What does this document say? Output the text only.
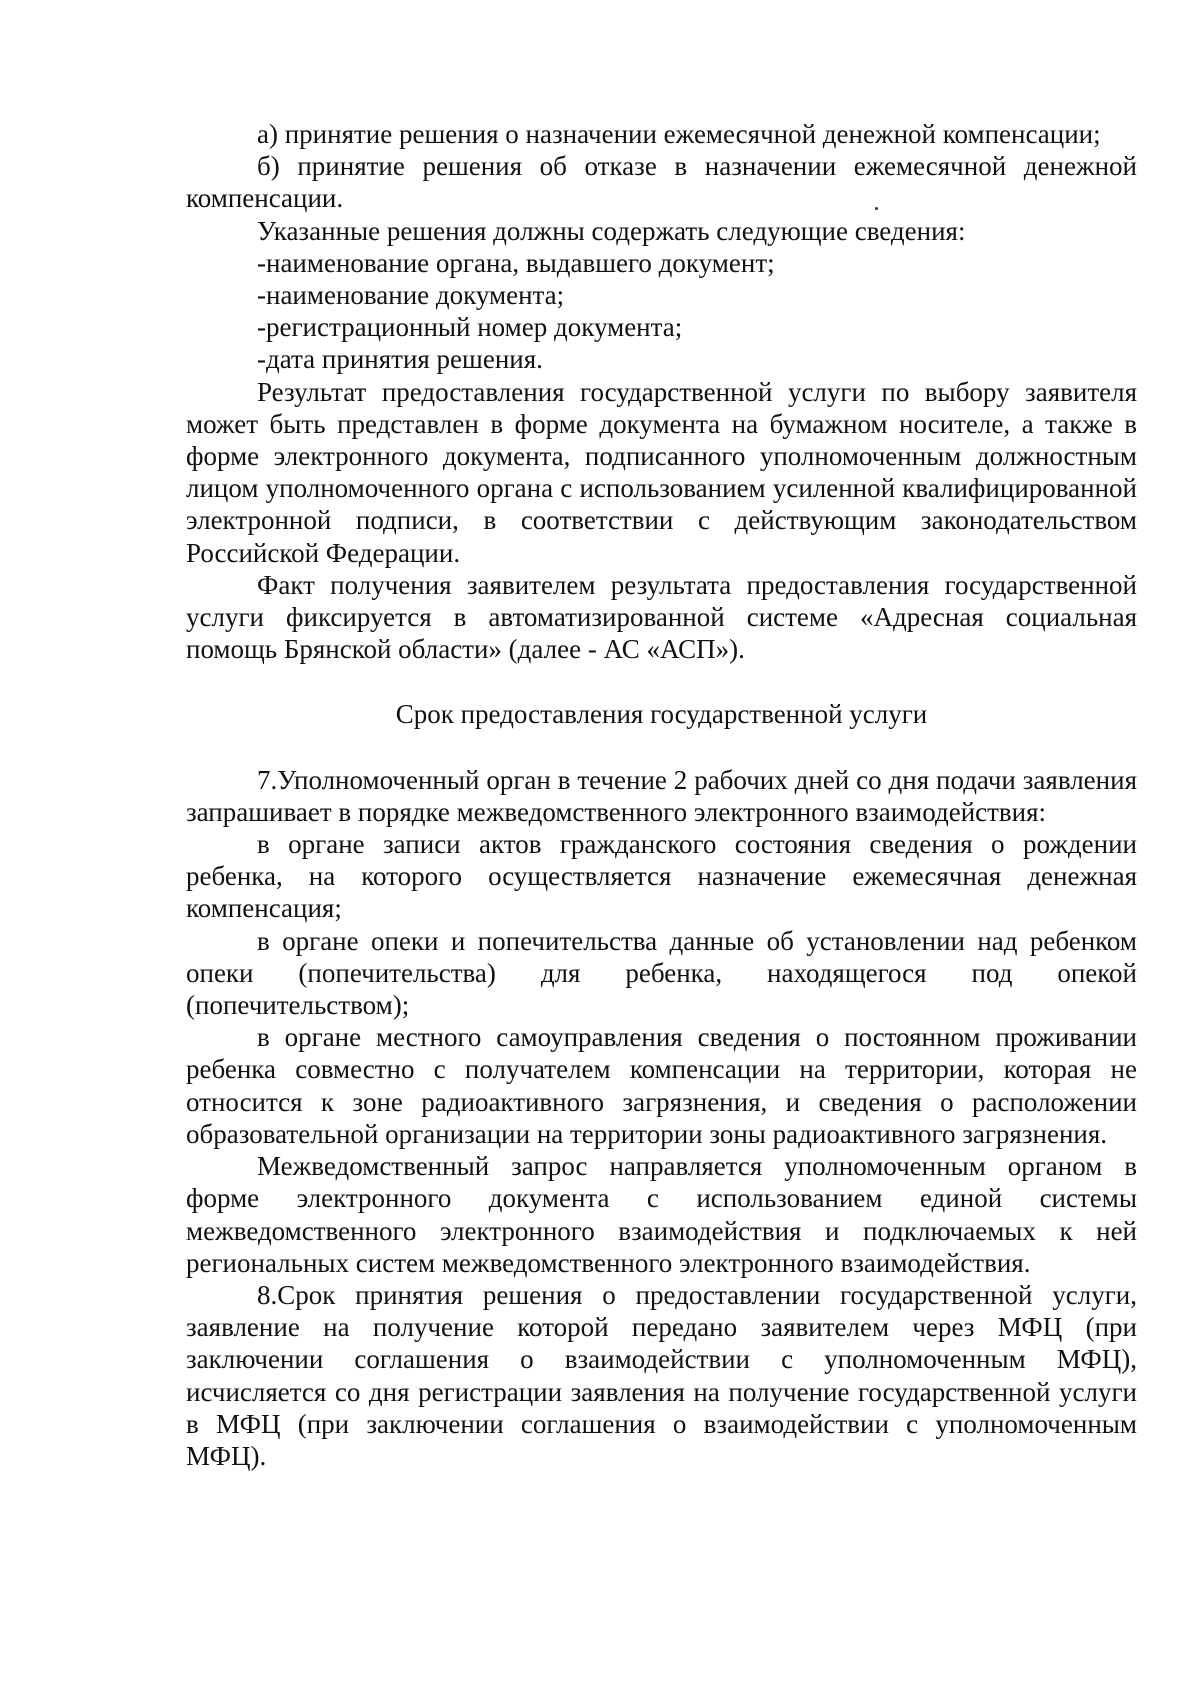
а) принятие решения о назначении ежемесячной денежной компенсации;

б) принятие решения об отказе в назначении ежемесячной денежной компенсации.

Указанные решения должны содержать следующие сведения:

-наименование органа, выдавшего документ;

-наименование документа;

-регистрационный номер документа;

-дата принятия решения.

Результат предоставления государственной услуги по выбору заявителя может быть представлен в форме документа на бумажном носителе, а также в форме электронного документа, подписанного уполномоченным должностным лицом уполномоченного органа с использованием усиленной квалифицированной электронной подписи, в соответствии с действующим законодательством Российской Федерации.

Факт получения заявителем результата предоставления государственной услуги фиксируется в автоматизированной системе «Адресная социальная помощь Брянской области» (далее - АС «АСП»).

Срок предоставления государственной услуги

7.Уполномоченный орган в течение 2 рабочих дней со дня подачи заявления запрашивает в порядке межведомственного электронного взаимодействия:

в органе записи актов гражданского состояния сведения о рождении ребенка, на которого осуществляется назначение ежемесячная денежная компенсация;

в органе опеки и попечительства данные об установлении над ребенком опеки (попечительства) для ребенка, находящегося под опекой (попечительством);

в органе местного самоуправления сведения о постоянном проживании ребенка совместно с получателем компенсации на территории, которая не относится к зоне радиоактивного загрязнения, и сведения о расположении образовательной организации на территории зоны радиоактивного загрязнения.

Межведомственный запрос направляется уполномоченным органом в форме электронного документа с использованием единой системы межведомственного электронного взаимодействия и подключаемых к ней региональных систем межведомственного электронного взаимодействия.

8.Срок принятия решения о предоставлении государственной услуги, заявление на получение которой передано заявителем через МФЦ (при заключении соглашения о взаимодействии с уполномоченным МФЦ), исчисляется со дня регистрации заявления на получение государственной услуги в МФЦ (при заключении соглашения о взаимодействии с уполномоченным МФЦ).
